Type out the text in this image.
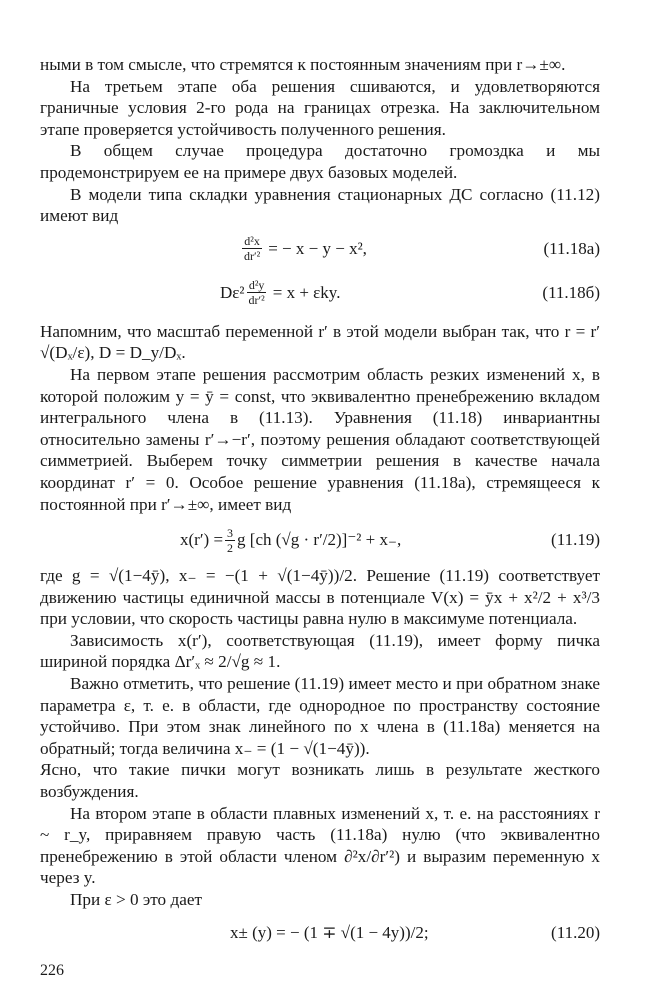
ными в том смысле, что стремятся к постоянным значениям при r→±∞.

На третьем этапе оба решения сшиваются, и удовлетворяются граничные условия 2-го рода на границах отрезка. На заключительном этапе проверяется устойчивость полученного решения.

В общем случае процедура достаточно громоздка и мы продемонстрируем ее на примере двух базовых моделей.

В модели типа складки уравнения стационарных ДС согласно (11.12) имеют вид

$\frac{\text{d²x}}{\text{dr′²}}$ = − x − y − x²,	(11.18а)
$D\varepsilon^2 \frac{\text{d²y}}{\text{dr′²}} = x + \varepsilon ky$.	(11.18б)

Напомним, что масштаб переменной r′ в этой модели выбран так, что r = r′ √(Dₓ/ε), D = D_y/Dₓ.

На первом этапе решения рассмотрим область резких изменений x, в которой положим y = ȳ = const, что эквивалентно пренебрежению вкладом интегрального члена в (11.13). Уравнения (11.18) инвариантны относительно замены r′→−r′, поэтому решения обладают соответствующей симметрией. Выберем точку симметрии решения в качестве начала координат r′ = 0. Особое решение уравнения (11.18а), стремящееся к постоянной при r′→±∞, имеет вид

$x(r') = \frac{3}{2}$ g [ch (√g · r′/2)]⁻² + x₋,	(11.19)

где g = √(1−4ȳ), x₋ = −(1 + √(1−4ȳ))/2. Решение (11.19) соответствует движению частицы единичной массы в потенциале V(x) = ȳx + x²/2 + x³/3 при условии, что скорость частицы равна нулю в максимуме потенциала.

Зависимость x(r′), соответствующая (11.19), имеет форму пичка шириной порядка Δr′ₓ ≈ 2/√g ≈ 1.

Важно отметить, что решение (11.19) имеет место и при обратном знаке параметра ε, т. е. в области, где однородное по пространству состояние устойчиво. При этом знак линейного по x члена в (11.18а) меняется на обратный; тогда величина x₋ = (1 − √(1−4ȳ)).

Ясно, что такие пички могут возникать лишь в результате жесткого возбуждения.

На втором этапе в области плавных изменений x, т. е. на расстояниях r ~ r_y, приравняем правую часть (11.18а) нулю (что эквивалентно пренебрежению в этой области членом ∂²x/∂r′²) и выразим переменную x через y.

При ε > 0 это дает

x± (y) = − (1 ∓ √(1 − 4y))/2;	(11.20)
226
